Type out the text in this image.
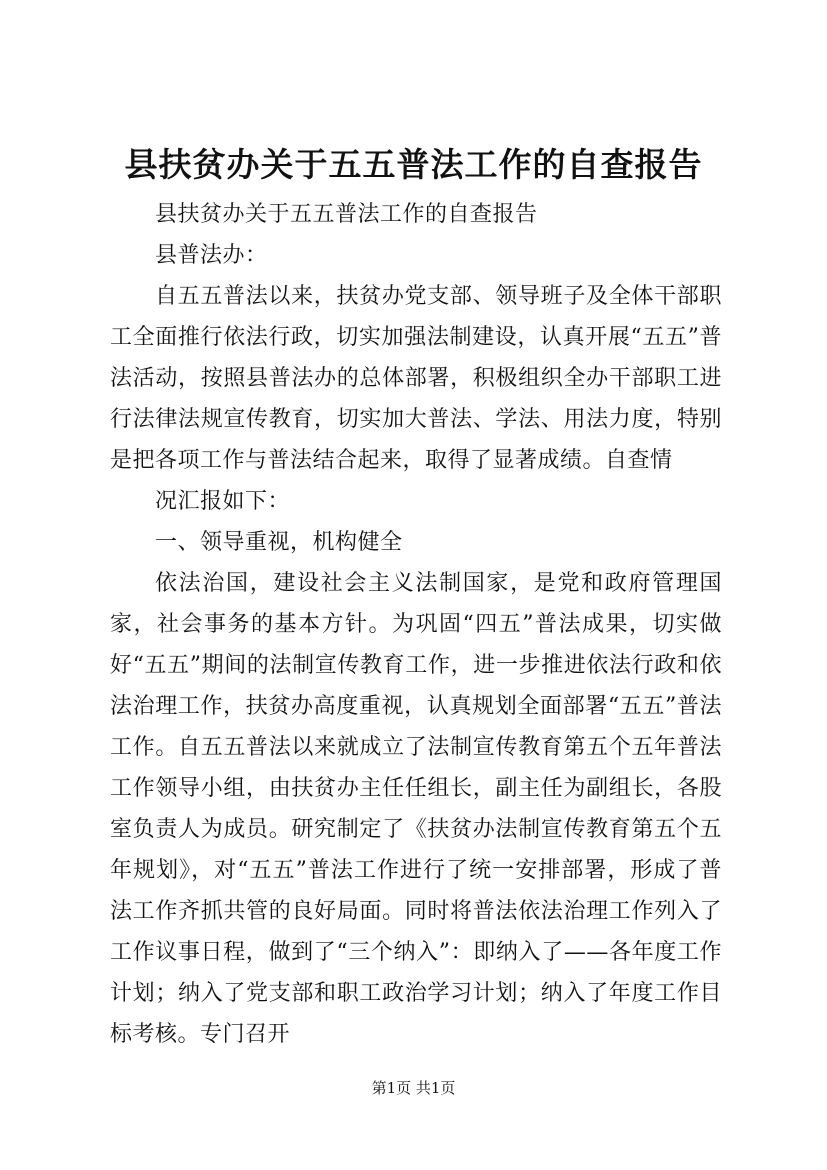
县扶贫办关于五五普法工作的自查报告

县扶贫办关于五五普法工作的自查报告

县普法办：

自五五普法以来，扶贫办党支部、领导班子及全体干部职工全面推行依法行政，切实加强法制建设，认真开展“五五”普法活动，按照县普法办的总体部署，积极组织全办干部职工进行法律法规宣传教育，切实加大普法、学法、用法力度，特别是把各项工作与普法结合起来，取得了显著成绩。自查情

况汇报如下：

一、领导重视，机构健全

依法治国，建设社会主义法制国家，是党和政府管理国家，社会事务的基本方针。为巩固“四五”普法成果，切实做好“五五”期间的法制宣传教育工作，进一步推进依法行政和依法治理工作，扶贫办高度重视，认真规划全面部署“五五”普法工作。自五五普法以来就成立了法制宣传教育第五个五年普法工作领导小组，由扶贫办主任任组长，副主任为副组长，各股室负责人为成员。研究制定了《扶贫办法制宣传教育第五个五年规划》，对“五五”普法工作进行了统一安排部署，形成了普法工作齐抓共管的良好局面。同时将普法依法治理工作列入了工作议事日程，做到了“三个纳入”：即纳入了——各年度工作计划；纳入了党支部和职工政治学习计划；纳入了年度工作目标考核。专门召开

第1页 共1页
